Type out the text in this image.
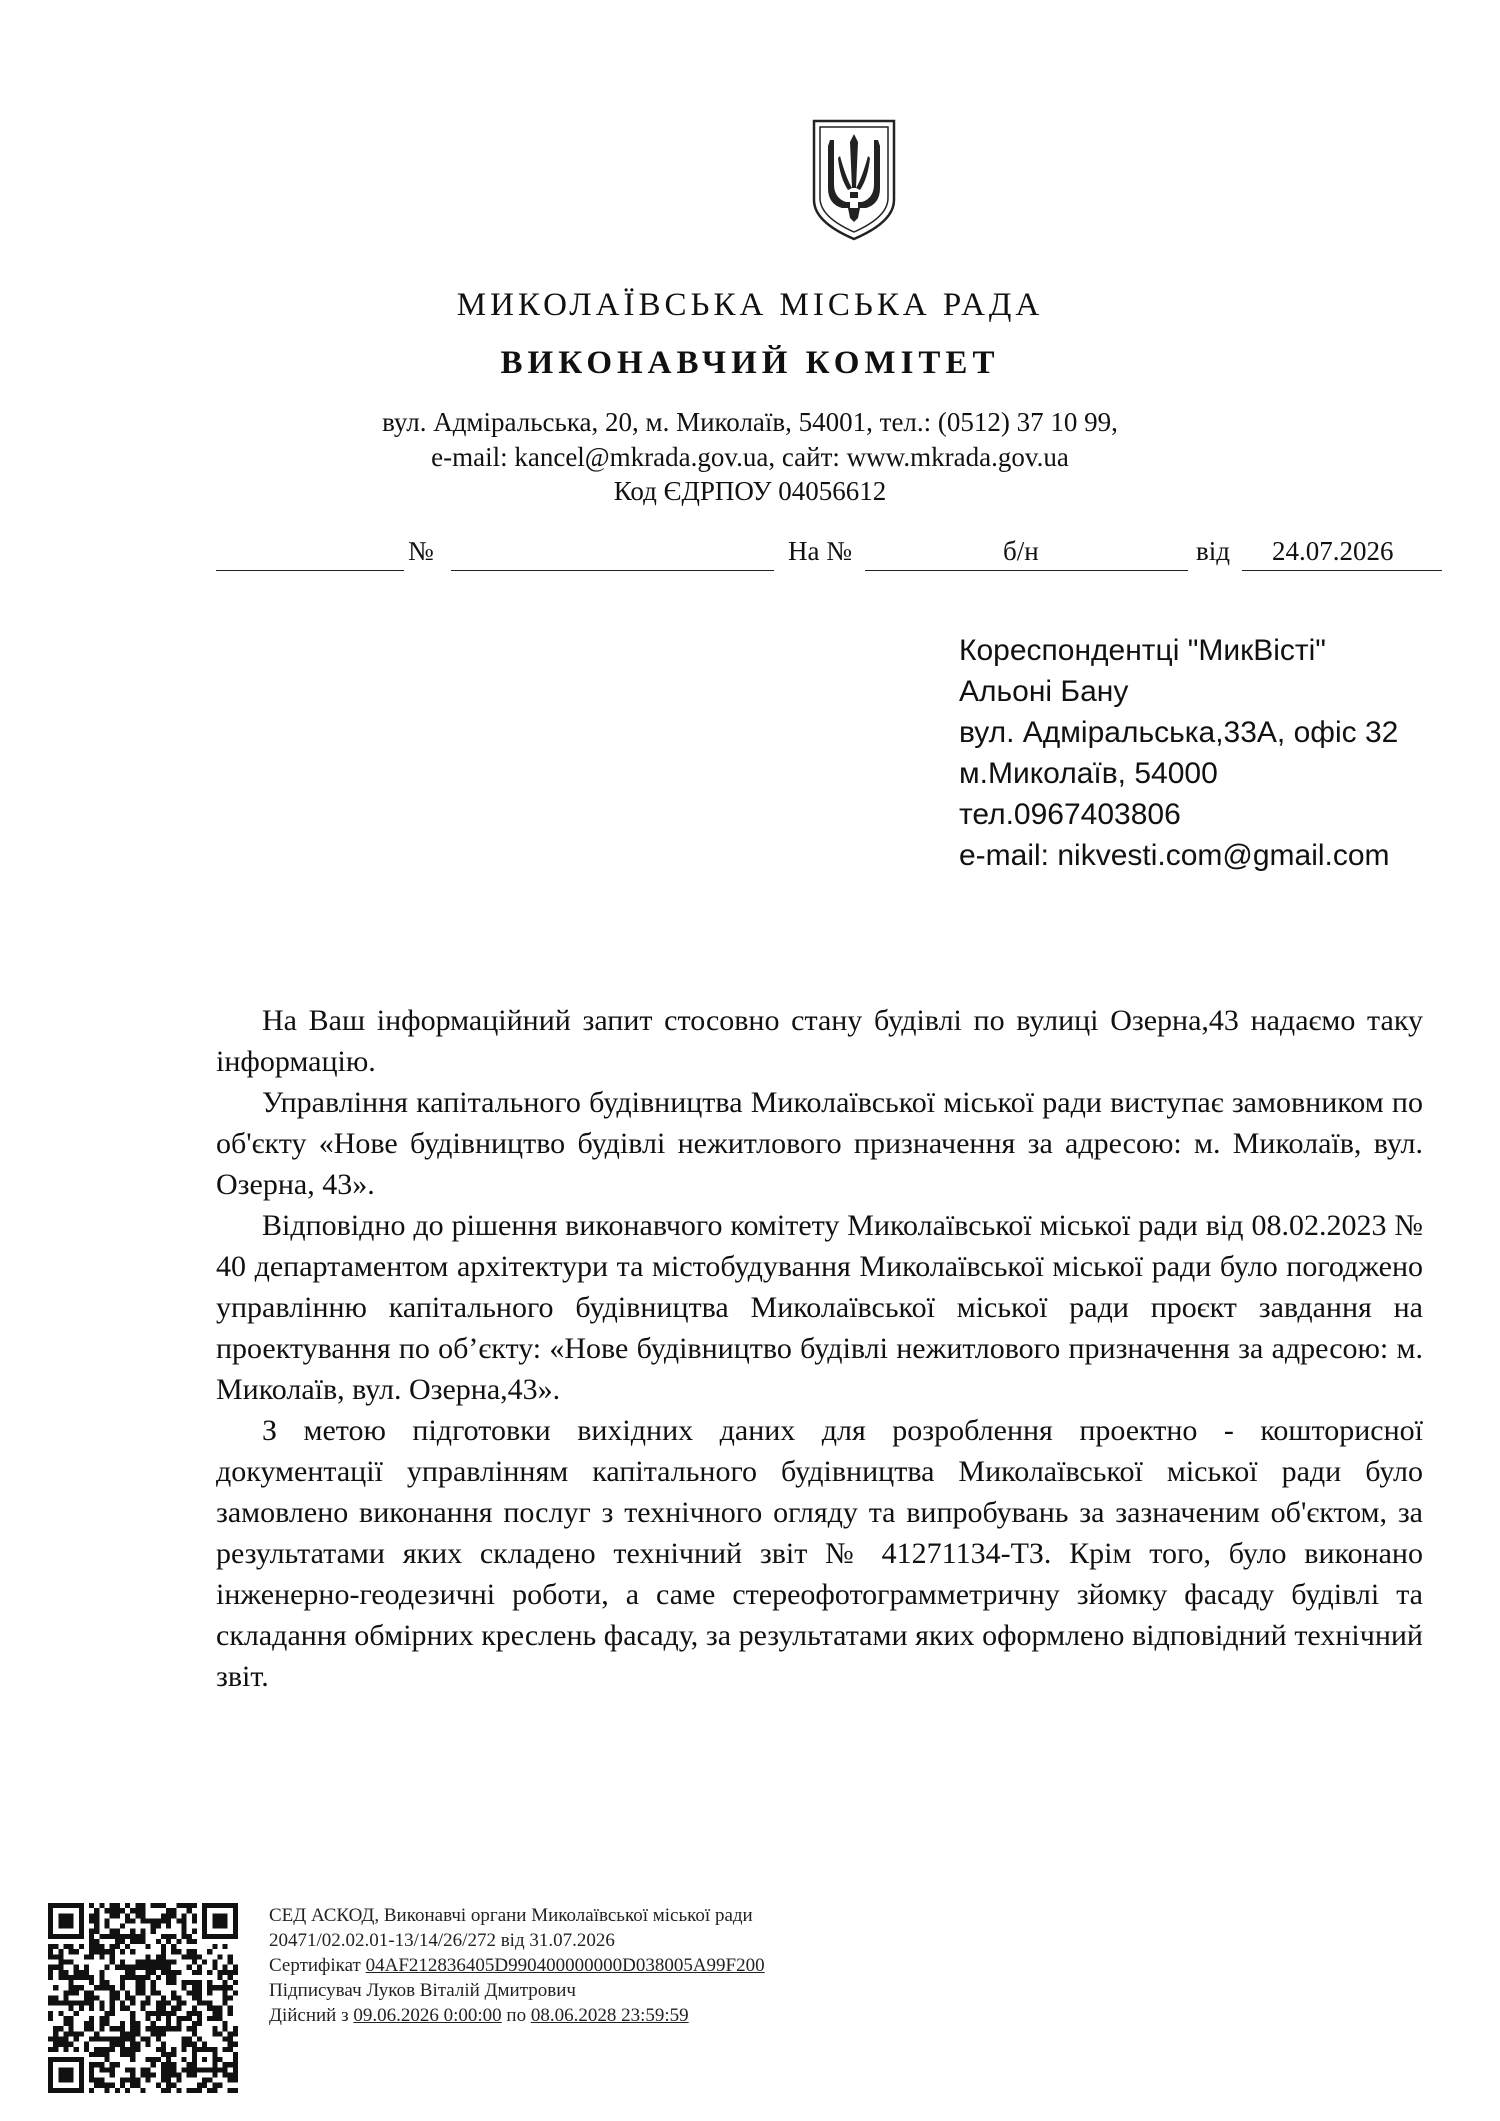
МИКОЛАЇВСЬКА МІСЬКА РАДА
ВИКОНАВЧИЙ КОМІТЕТ
вул. Адміральська, 20, м. Миколаїв, 54001, тел.: (0512) 37 10 99,
e-mail: kancel@mkrada.gov.ua, сайт: www.mkrada.gov.ua
Код ЄДРПОУ 04056612
№	На №	б/н	від 24.07.2026
Кореспондентці "МикВісті"
Альоні Бану
вул. Адміральська,33А, офіс 32
м.Миколаїв, 54000
тел.0967403806
e-mail: nikvesti.com@gmail.com

На Ваш інформаційний запит стосовно стану будівлі по вулиці Озерна,43 надаємо таку інформацію.

Управління капітального будівництва Миколаївської міської ради виступає замовником по об'єкту «Нове будівництво будівлі нежитлового призначення за адресою: м. Миколаїв, вул. Озерна, 43».

Відповідно до рішення виконавчого комітету Миколаївської міської ради від 08.02.2023 № 40 департаментом архітектури та містобудування Миколаївської міської ради було погоджено управлінню капітального будівництва Миколаївської міської ради проєкт завдання на проектування по об’єкту: «Нове будівництво будівлі нежитлового призначення за адресою: м. Миколаїв, вул. Озерна,43».

З метою підготовки вихідних даних для розроблення проектно - кошторисної документації управлінням капітального будівництва Миколаївської міської ради було замовлено виконання послуг з технічного огляду та випробувань за зазначеним об'єктом, за результатами яких складено технічний звіт № 41271134-ТЗ. Крім того, було виконано інженерно-геодезичні роботи, а саме стереофотограмметричну зйомку фасаду будівлі та складання обмірних креслень фасаду, за результатами яких оформлено відповідний технічний звіт.

СЕД АСКОД, Виконавчі органи Миколаївської міської ради
20471/02.02.01-13/14/26/272 від 31.07.2026
Сертифікат 04AF212836405D990400000000D038005A99F200
Підписувач Луков Віталій Дмитрович
Дійсний з 09.06.2026 0:00:00 по 08.06.2028 23:59:59
